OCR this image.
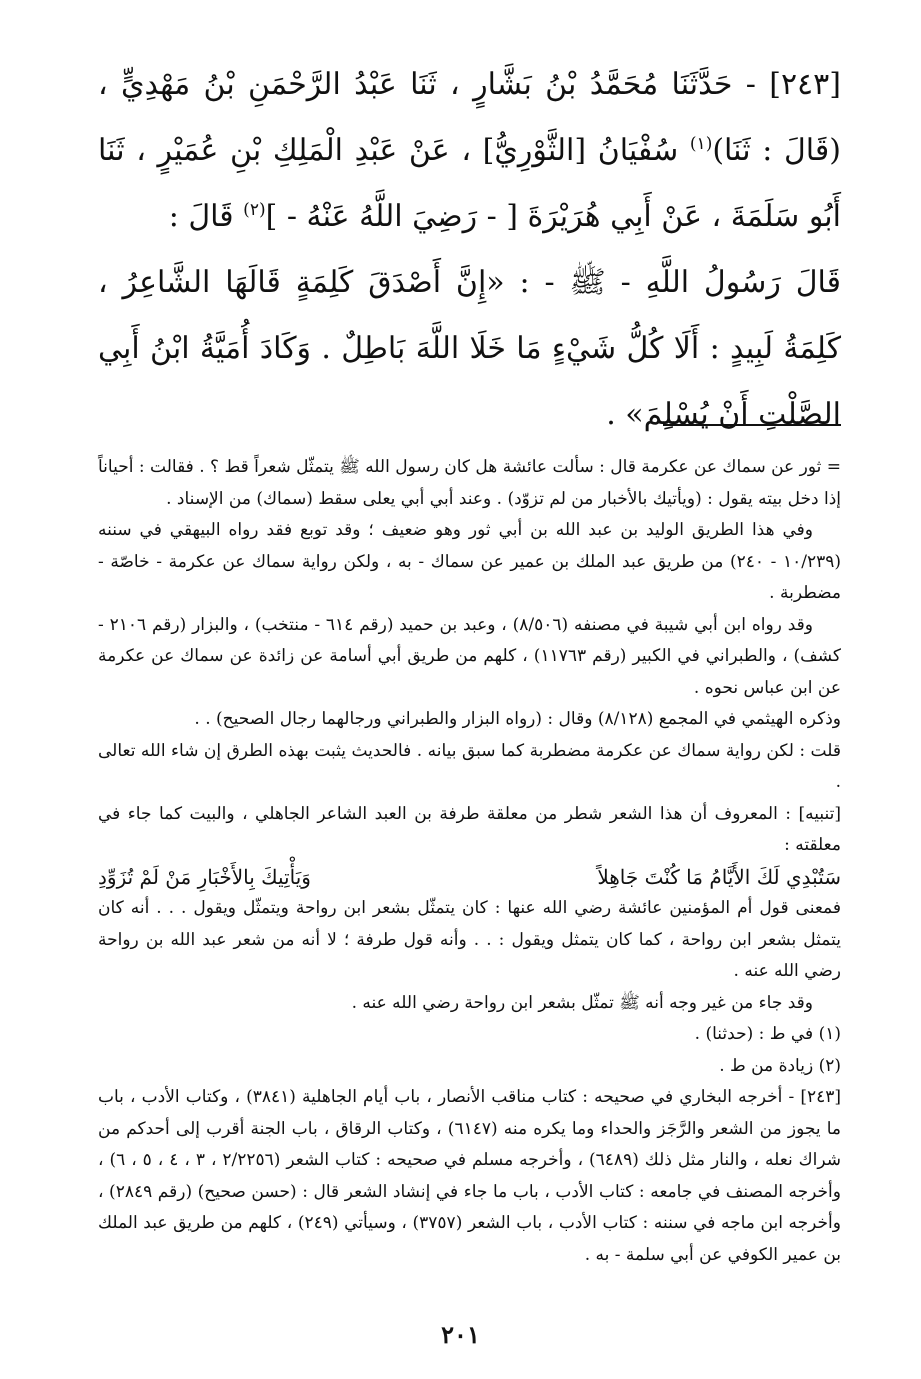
[٢٤٣] - حَدَّثَنَا مُحَمَّدُ بْنُ بَشَّارٍ ، ثَنَا عَبْدُ الرَّحْمَنِ بْنُ مَهْدِيٍّ ، (قَالَ : ثَنَا)$^{(١)}$ سُفْيَانُ [الثَّوْرِيُّ] ، عَنْ عَبْدِ الْمَلِكِ بْنِ عُمَيْرٍ ، ثَنَا أَبُو سَلَمَةَ ، عَنْ أَبِي هُرَيْرَةَ [ - رَضِيَ اللَّهُ عَنْهُ - ]$^{(٢)}$ قَالَ :

قَالَ رَسُولُ اللَّهِ - ﷺ - : «إِنَّ أَصْدَقَ كَلِمَةٍ قَالَهَا الشَّاعِرُ ، كَلِمَةُ لَبِيدٍ : أَلَا كُلُّ شَيْءٍ مَا خَلَا اللَّهَ بَاطِلٌ . وَكَادَ أُمَيَّةُ ابْنُ أَبِي الصَّلْتِ أَنْ يُسْلِمَ» .

= ثور عن سماك عن عكرمة قال : سألت عائشة هل كان رسول الله ﷺ يتمثّل شعراً قط ؟ . فقالت : أحياناً إذا دخل بيته يقول : (ويأتيك بالأخبار من لم تزوّد) . وعند أبي أبي يعلى سقط (سماك) من الإسناد .

وفي هذا الطريق الوليد بن عبد الله بن أبي ثور وهو ضعيف ؛ وقد توبع فقد رواه البيهقي في سننه (١٠/٢٣٩ - ٢٤٠) من طريق عبد الملك بن عمير عن سماك - به ، ولكن رواية سماك عن عكرمة - خاصّة - مضطربة .

وقد رواه ابن أبي شيبة في مصنفه (٨/٥٠٦) ، وعبد بن حميد (رقم ٦١٤ - منتخب) ، والبزار (رقم ٢١٠٦ - كشف) ، والطبراني في الكبير (رقم ١١٧٦٣) ، كلهم من طريق أبي أسامة عن زائدة عن سماك عن عكرمة عن ابن عباس نحوه .

وذكره الهيثمي في المجمع (٨/١٢٨) وقال : (رواه البزار والطبراني ورجالهما رجال الصحيح) . .

قلت : لكن رواية سماك عن عكرمة مضطربة كما سبق بيانه . فالحديث يثبت بهذه الطرق إن شاء الله تعالى .

[تنبيه] : المعروف أن هذا الشعر شطر من معلقة طرفة بن العبد الشاعر الجاهلي ، والبيت كما جاء في معلقته :

سَتُبْدِي لَكَ الأَيَّامُ مَا كُنْتَ جَاهِلاً
وَيَأْتِيكَ بِالأَخْبَارِ مَنْ لَمْ تُزَوِّدِ

فمعنى قول أم المؤمنين عائشة رضي الله عنها : كان يتمثّل بشعر ابن رواحة ويتمثّل ويقول . . . أنه كان يتمثل بشعر ابن رواحة ، كما كان يتمثل ويقول : . . وأنه قول طرفة ؛ لا أنه من شعر عبد الله بن رواحة رضي الله عنه .

وقد جاء من غير وجه أنه ﷺ تمثّل بشعر ابن رواحة رضي الله عنه .

(١) في ط : (حدثنا) .

(٢) زيادة من ط .

[٢٤٣] - أخرجه البخاري في صحيحه : كتاب مناقب الأنصار ، باب أيام الجاهلية (٣٨٤١) ، وكتاب الأدب ، باب ما يجوز من الشعر والرَّجَز والحداء وما يكره منه (٦١٤٧) ، وكتاب الرقاق ، باب الجنة أقرب إلى أحدكم من شراك نعله ، والنار مثل ذلك (٦٤٨٩) ، وأخرجه مسلم في صحيحه : كتاب الشعر (٢/٢٢٥٦ ، ٣ ، ٤ ، ٥ ، ٦) ، وأخرجه المصنف في جامعه : كتاب الأدب ، باب ما جاء في إنشاد الشعر قال : (حسن صحيح) (رقم ٢٨٤٩) ، وأخرجه ابن ماجه في سننه : كتاب الأدب ، باب الشعر (٣٧٥٧) ، وسيأتي (٢٤٩) ، كلهم من طريق عبد الملك بن عمير الكوفي عن أبي سلمة - به .

٢٠١
